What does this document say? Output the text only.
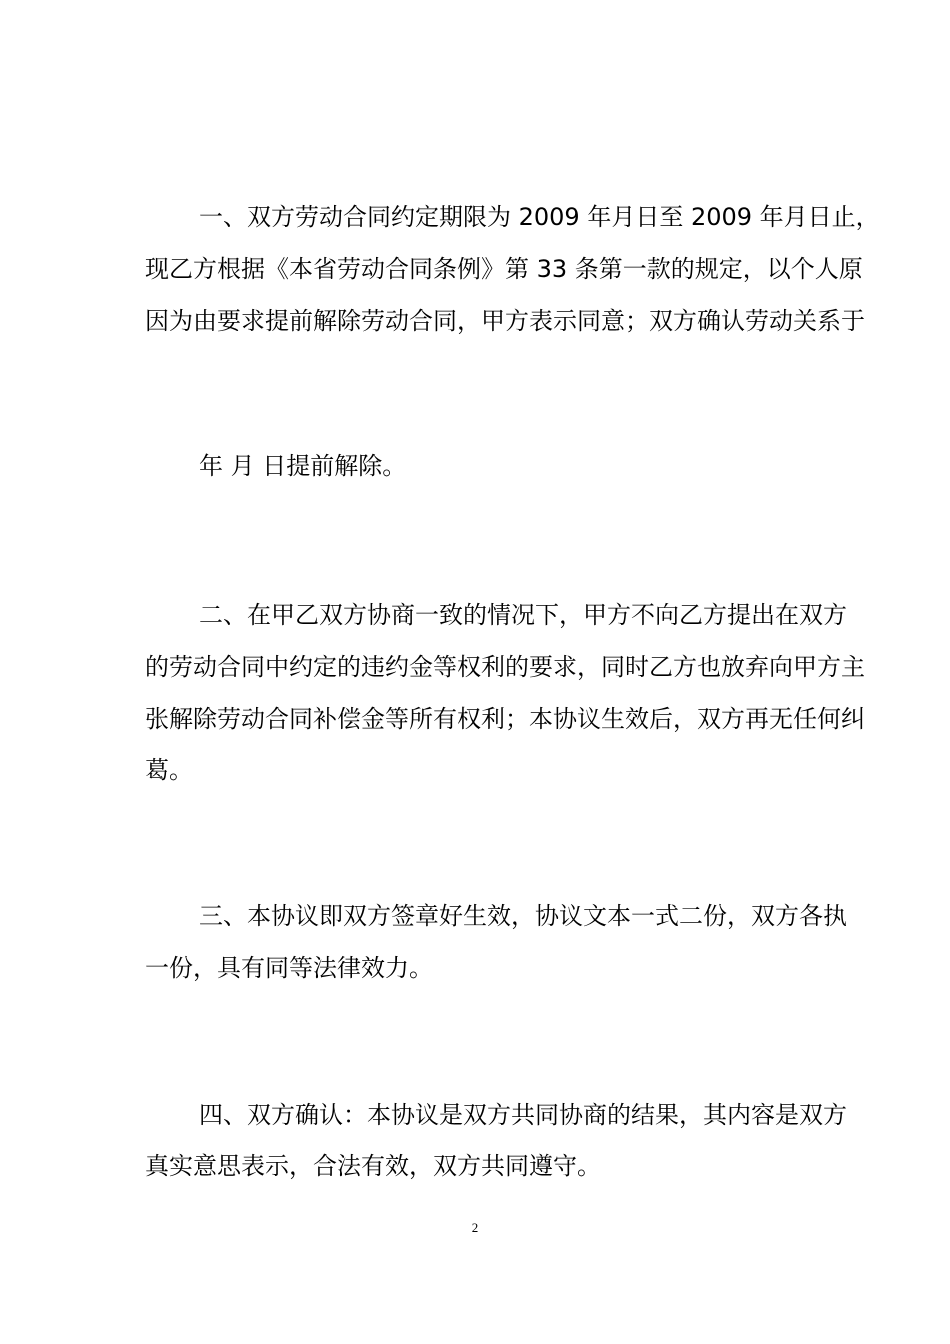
一、双方劳动合同约定期限为 2009 年月日至 2009 年月日止，
现乙方根据《本省劳动合同条例》第 33 条第一款的规定，以个人原
因为由要求提前解除劳动合同，甲方表示同意；双方确认劳动关系于
年 月 日提前解除。
二、在甲乙双方协商一致的情况下，甲方不向乙方提出在双方
的劳动合同中约定的违约金等权利的要求，同时乙方也放弃向甲方主
张解除劳动合同补偿金等所有权利；本协议生效后，双方再无任何纠
葛。
三、本协议即双方签章好生效，协议文本一式二份，双方各执
一份，具有同等法律效力。
四、双方确认：本协议是双方共同协商的结果，其内容是双方
真实意思表示，合法有效，双方共同遵守。
2
